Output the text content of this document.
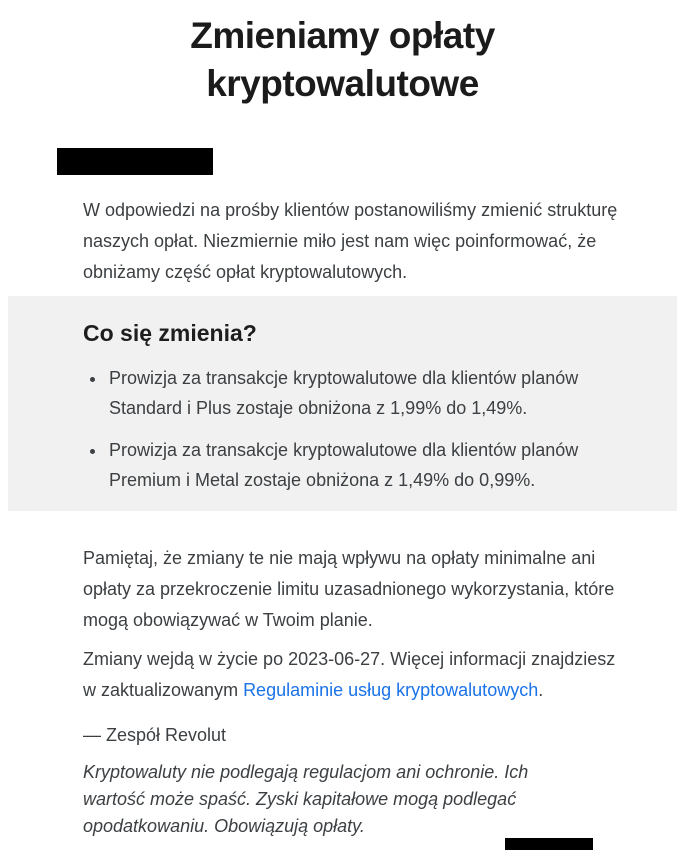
Zmieniamy opłaty
kryptowalutowe

W odpowiedzi na prośby klientów postanowiliśmy zmienić strukturę naszych opłat. Niezmiernie miło jest nam więc poinformować, że obniżamy część opłat kryptowalutowych.

Co się zmienia?
• Prowizja za transakcje kryptowalutowe dla klientów planów Standard i Plus zostaje obniżona z 1,99% do 1,49%.
• Prowizja za transakcje kryptowalutowe dla klientów planów Premium i Metal zostaje obniżona z 1,49% do 0,99%.

Pamiętaj, że zmiany te nie mają wpływu na opłaty minimalne ani opłaty za przekroczenie limitu uzasadnionego wykorzystania, które mogą obowiązywać w Twoim planie.

Zmiany wejdą w życie po 2023-06-27. Więcej informacji znajdziesz w zaktualizowanym Regulaminie usług kryptowalutowych.

— Zespół Revolut

Kryptowaluty nie podlegają regulacjom ani ochronie. Ich wartość może spaść. Zyski kapitałowe mogą podlegać opodatkowaniu. Obowiązują opłaty.
